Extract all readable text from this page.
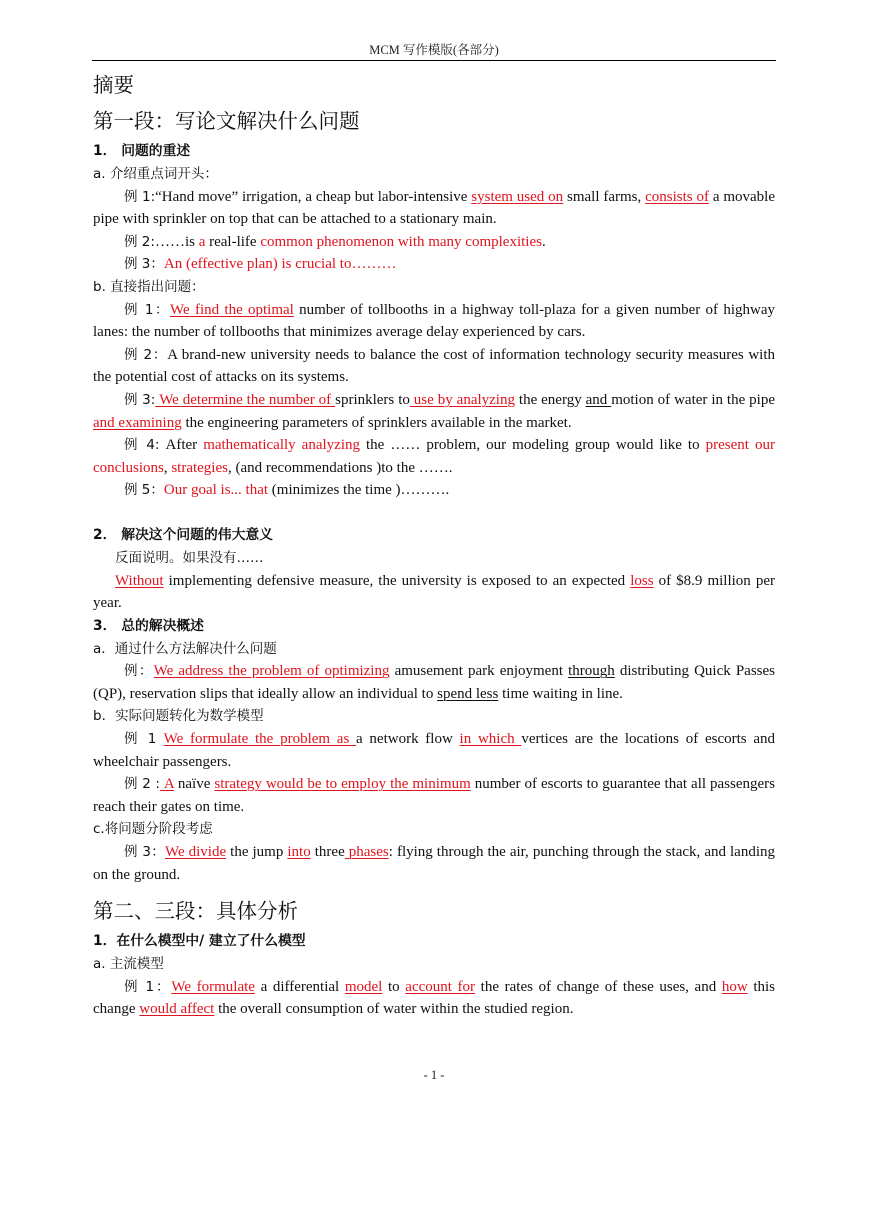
MCM 写作模版(各部分)
摘要
第一段：写论文解决什么问题
1． 问题的重述
a. 介绍重点词开头：

例 1:“Hand move” irrigation, a cheap but labor-intensive system used on small farms, consists of a movable pipe with sprinkler on top that can be attached to a stationary main.

例 2:……is a real-life common phenomenon with many complexities.

例 3：An (effective plan) is crucial to………

b. 直接指出问题：

例 1：We find the optimal number of tollbooths in a highway toll-plaza for a given number of highway lanes: the number of tollbooths that minimizes average delay experienced by cars.

例 2：A brand-new university needs to balance the cost of information technology security measures with the potential cost of attacks on its systems.

例 3: We determine the number of sprinklers to use by analyzing the energy and motion of water in the pipe and examining the engineering parameters of sprinklers available in the market.

例 4: After mathematically analyzing the …… problem, our modeling group would like to present our conclusions, strategies, (and recommendations )to the …….

例 5：Our goal is... that (minimizes the time )……….

2． 解决这个问题的伟大意义
反面说明。如果没有……

Without implementing defensive measure, the university is exposed to an expected loss of $8.9 million per year.

3． 总的解决概述
a．通过什么方法解决什么问题

例：We address the problem of optimizing amusement park enjoyment through distributing Quick Passes (QP), reservation slips that ideally allow an individual to spend less time waiting in line.

b．实际问题转化为数学模型

例 1 We formulate the problem as a network flow in which vertices are the locations of escorts and wheelchair passengers.

例 2 : A naïve strategy would be to employ the minimum number of escorts to guarantee that all passengers reach their gates on time.

c.将问题分阶段考虑

例 3：We divide the jump into three phases: flying through the air, punching through the stack, and landing on the ground.

第二、三段：具体分析
1．在什么模型中/ 建立了什么模型
a. 主流模型

例 1：We formulate a differential model to account for the rates of change of these uses, and how this change would affect the overall consumption of water within the studied region.

- 1 -
